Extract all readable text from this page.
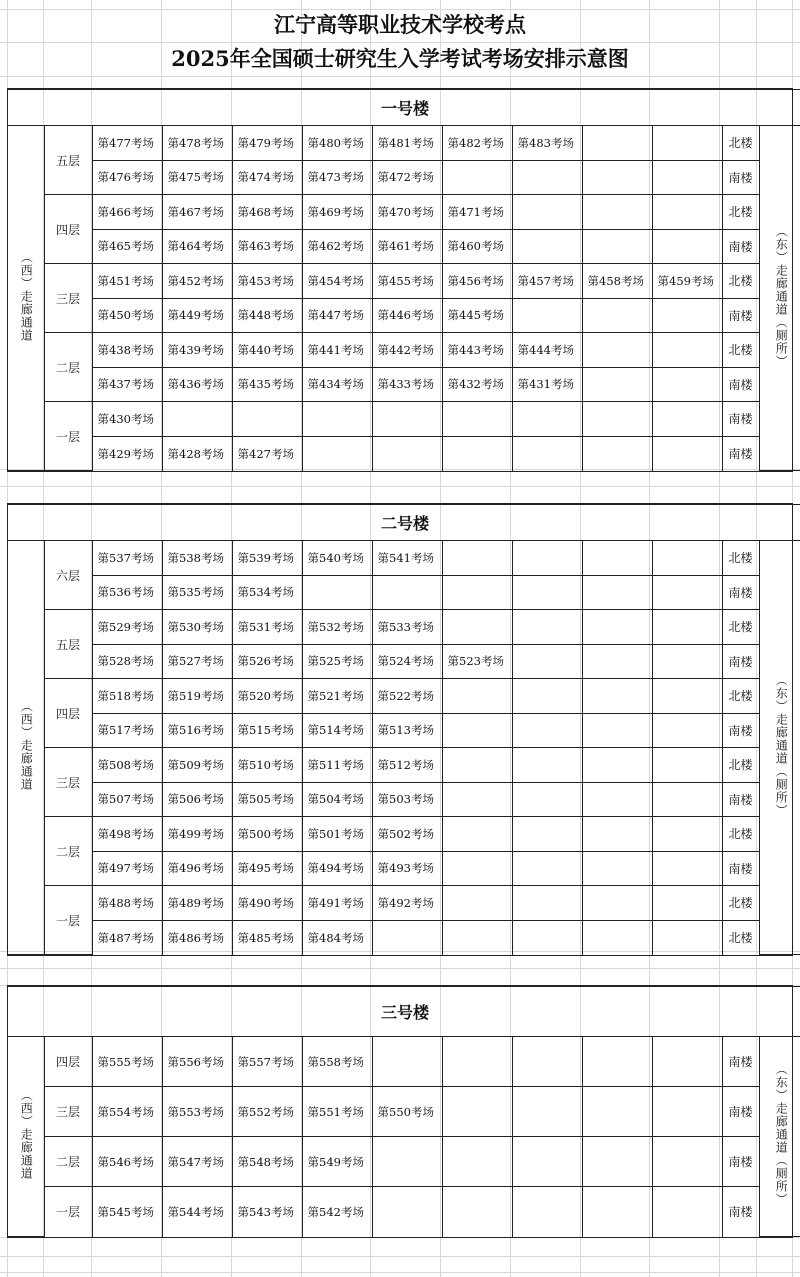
江宁高等职业技术学校考点
2025年全国硕士研究生入学考试考场安排示意图
一号楼												
（西）走廊通道	五层	第477考场	第478考场	第479考场	第480考场	第481考场	第482考场	第483考场			北楼	（东）走廊通道（厕所）
		第476考场	第475考场	第474考场	第473考场	第472考场					南楼	
	四层	第466考场	第467考场	第468考场	第469考场	第470考场	第471考场				北楼	
		第465考场	第464考场	第463考场	第462考场	第461考场	第460考场				南楼	
	三层	第451考场	第452考场	第453考场	第454考场	第455考场	第456考场	第457考场	第458考场	第459考场	北楼	
		第450考场	第449考场	第448考场	第447考场	第446考场	第445考场				南楼	
	二层	第438考场	第439考场	第440考场	第441考场	第442考场	第443考场	第444考场			北楼	
		第437考场	第436考场	第435考场	第434考场	第433考场	第432考场	第431考场			南楼	
	一层	第430考场									南楼	
		第429考场	第428考场	第427考场							南楼	
二号楼												
（西）走廊通道	六层	第537考场	第538考场	第539考场	第540考场	第541考场					北楼	（东）走廊通道（厕所）
		第536考场	第535考场	第534考场							南楼	
	五层	第529考场	第530考场	第531考场	第532考场	第533考场					北楼	
		第528考场	第527考场	第526考场	第525考场	第524考场	第523考场				南楼	
	四层	第518考场	第519考场	第520考场	第521考场	第522考场					北楼	
		第517考场	第516考场	第515考场	第514考场	第513考场					南楼	
	三层	第508考场	第509考场	第510考场	第511考场	第512考场					北楼	
		第507考场	第506考场	第505考场	第504考场	第503考场					南楼	
	二层	第498考场	第499考场	第500考场	第501考场	第502考场					北楼	
		第497考场	第496考场	第495考场	第494考场	第493考场					南楼	
	一层	第488考场	第489考场	第490考场	第491考场	第492考场					北楼	
		第487考场	第486考场	第485考场	第484考场						北楼	
三号楼												
（西）走廊通道	四层	第555考场	第556考场	第557考场	第558考场						南楼	（东）走廊通道（厕所）
	三层	第554考场	第553考场	第552考场	第551考场	第550考场					南楼	
	二层	第546考场	第547考场	第548考场	第549考场						南楼	
	一层	第545考场	第544考场	第543考场	第542考场						南楼	
